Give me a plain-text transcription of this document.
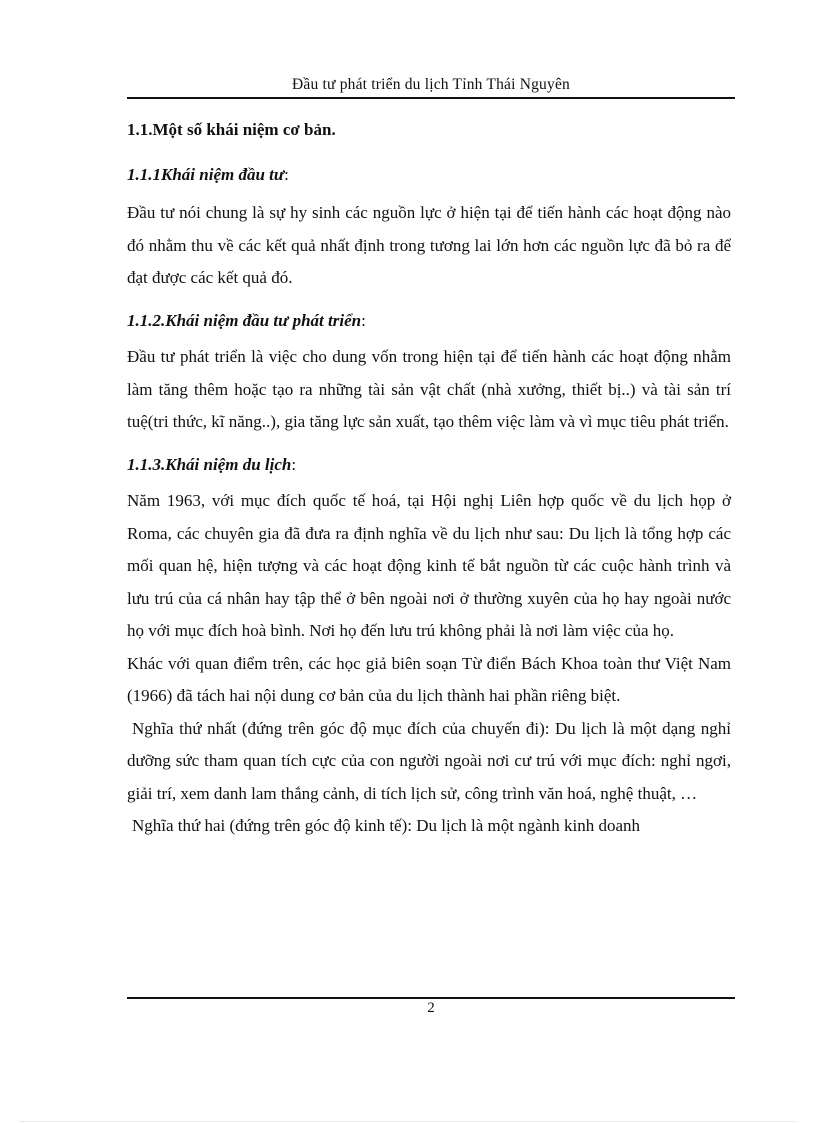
Đầu tư phát triển du lịch Tỉnh Thái Nguyên

1.1.Một số khái niệm cơ bản.

1.1.1Khái niệm đầu tư:

Đầu tư nói chung là sự hy sinh các nguồn lực ở hiện tại để tiến hành các hoạt động nào đó nhằm thu về các kết quả nhất định trong tương lai lớn hơn các nguồn lực đã bỏ ra để đạt được các kết quả đó.

1.1.2.Khái niệm đầu tư phát triển:

Đầu tư phát triển là việc cho dung vốn trong hiện tại để tiến hành các hoạt động nhằm làm tăng thêm hoặc tạo ra những tài sản vật chất (nhà xưởng, thiết bị..) và tài sản trí tuệ(tri thức, kĩ năng..), gia tăng lực sản xuất, tạo thêm việc làm và vì mục tiêu phát triển.

1.1.3.Khái niệm du lịch:

Năm 1963, với mục đích quốc tế hoá, tại Hội nghị Liên hợp quốc về du lịch họp ở Roma, các chuyên gia đã đưa ra định nghĩa về du lịch như sau: Du lịch là tổng hợp các mối quan hệ, hiện tượng và các hoạt động kinh tế bắt nguồn từ các cuộc hành trình và lưu trú của cá nhân hay tập thể ở bên ngoài nơi ở thường xuyên của họ hay ngoài nước họ với mục đích hoà bình. Nơi họ đến lưu trú không phải là nơi làm việc của họ.

Khác với quan điểm trên, các học giả biên soạn Từ điển Bách Khoa toàn thư Việt Nam (1966) đã tách hai nội dung cơ bản của du lịch thành hai phần riêng biệt.

Nghĩa thứ nhất (đứng trên góc độ mục đích của chuyến đi): Du lịch là một dạng nghỉ dưỡng sức tham quan tích cực của con người ngoài nơi cư trú với mục đích: nghỉ ngơi, giải trí, xem danh lam thắng cảnh, di tích lịch sử, công trình văn hoá, nghệ thuật, …

Nghĩa thứ hai (đứng trên góc độ kinh tế): Du lịch là một ngành kinh doanh

2
